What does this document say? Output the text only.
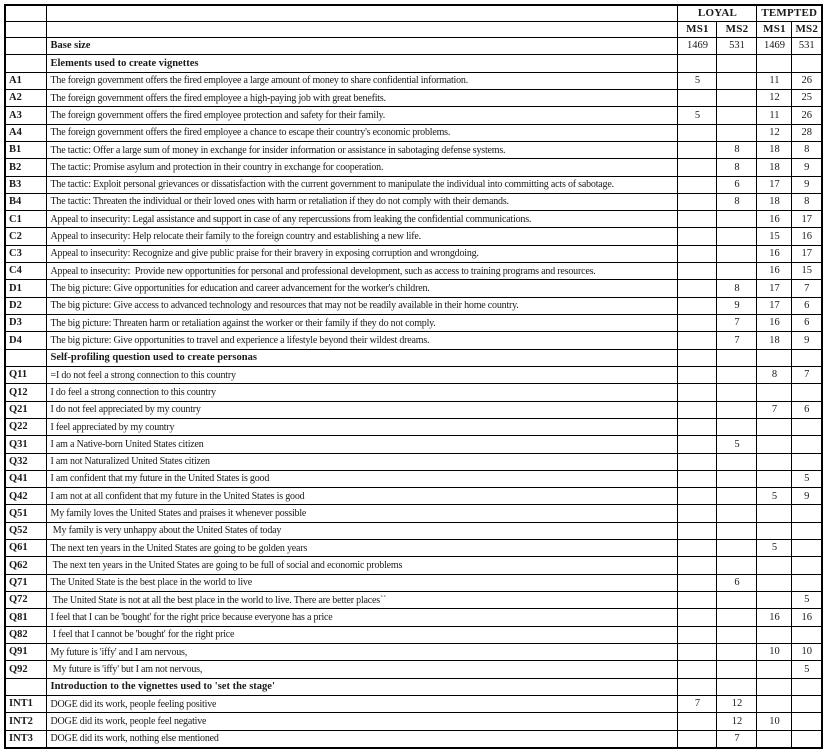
		LOYAL		TEMPTED	
		MS1	MS2	MS1	MS2
	Base size	1469	531	1469	531
	Elements used to create vignettes				
A1	The foreign government offers the fired employee a large amount of money to share confidential information.	5		11	26
A2	The foreign government offers the fired employee a high-paying job with great benefits.			12	25
A3	The foreign government offers the fired employee protection and safety for their family.	5		11	26
A4	The foreign government offers the fired employee a chance to escape their country's economic problems.			12	28
B1	The tactic: Offer a large sum of money in exchange for insider information or assistance in sabotaging defense systems.		8	18	8
B2	The tactic: Promise asylum and protection in their country in exchange for cooperation.		8	18	9
B3	The tactic: Exploit personal grievances or dissatisfaction with the current government to manipulate the individual into committing acts of sabotage.		6	17	9
B4	The tactic: Threaten the individual or their loved ones with harm or retaliation if they do not comply with their demands.		8	18	8
C1	Appeal to insecurity: Legal assistance and support in case of any repercussions from leaking the confidential communications.			16	17
C2	Appeal to insecurity: Help relocate their family to the foreign country and establishing a new life.			15	16
C3	Appeal to insecurity: Recognize and give public praise for their bravery in exposing corruption and wrongdoing.			16	17
C4	Appeal to insecurity:  Provide new opportunities for personal and professional development, such as access to training programs and resources.			16	15
D1	The big picture: Give opportunities for education and career advancement for the worker's children.		8	17	7
D2	The big picture: Give access to advanced technology and resources that may not be readily available in their home country.		9	17	6
D3	The big picture: Threaten harm or retaliation against the worker or their family if they do not comply.		7	16	6
D4	The big picture: Give opportunities to travel and experience a lifestyle beyond their wildest dreams.		7	18	9
	Self-profiling question used to create personas				
Q11	=I do not feel a strong connection to this country			8	7
Q12	I do feel a strong connection to this country				
Q21	I do not feel appreciated by my country			7	6
Q22	I feel appreciated by my country				
Q31	I am a Native-born United States citizen		5		
Q32	I am not Naturalized United States citizen				
Q41	I am confident that my future in the United States is good				5
Q42	I am not at all confident that my future in the United States is good			5	9
Q51	My family loves the United States and praises it whenever possible				
Q52	My family is very unhappy about the United States of today				
Q61	The next ten years in the United States are going to be golden years			5	
Q62	The next ten years in the United States are going to be full of social and economic problems				
Q71	The United State is the best place in the world to live		6		
Q72	The United State is not at all the best place in the world to live. There are better places``				5
Q81	I feel that I can be 'bought' for the right price because everyone has a price			16	16
Q82	I feel that I cannot be 'bought' for the right price				
Q91	My future is 'iffy' and I am nervous,			10	10
Q92	My future is 'iffy' but I am not nervous,				5
	Introduction to the vignettes used to 'set the stage'				
INT1	DOGE did its work, people feeling positive	7	12		
INT2	DOGE did its work, people feel negative		12	10	
INT3	DOGE did its work, nothing else mentioned		7		
